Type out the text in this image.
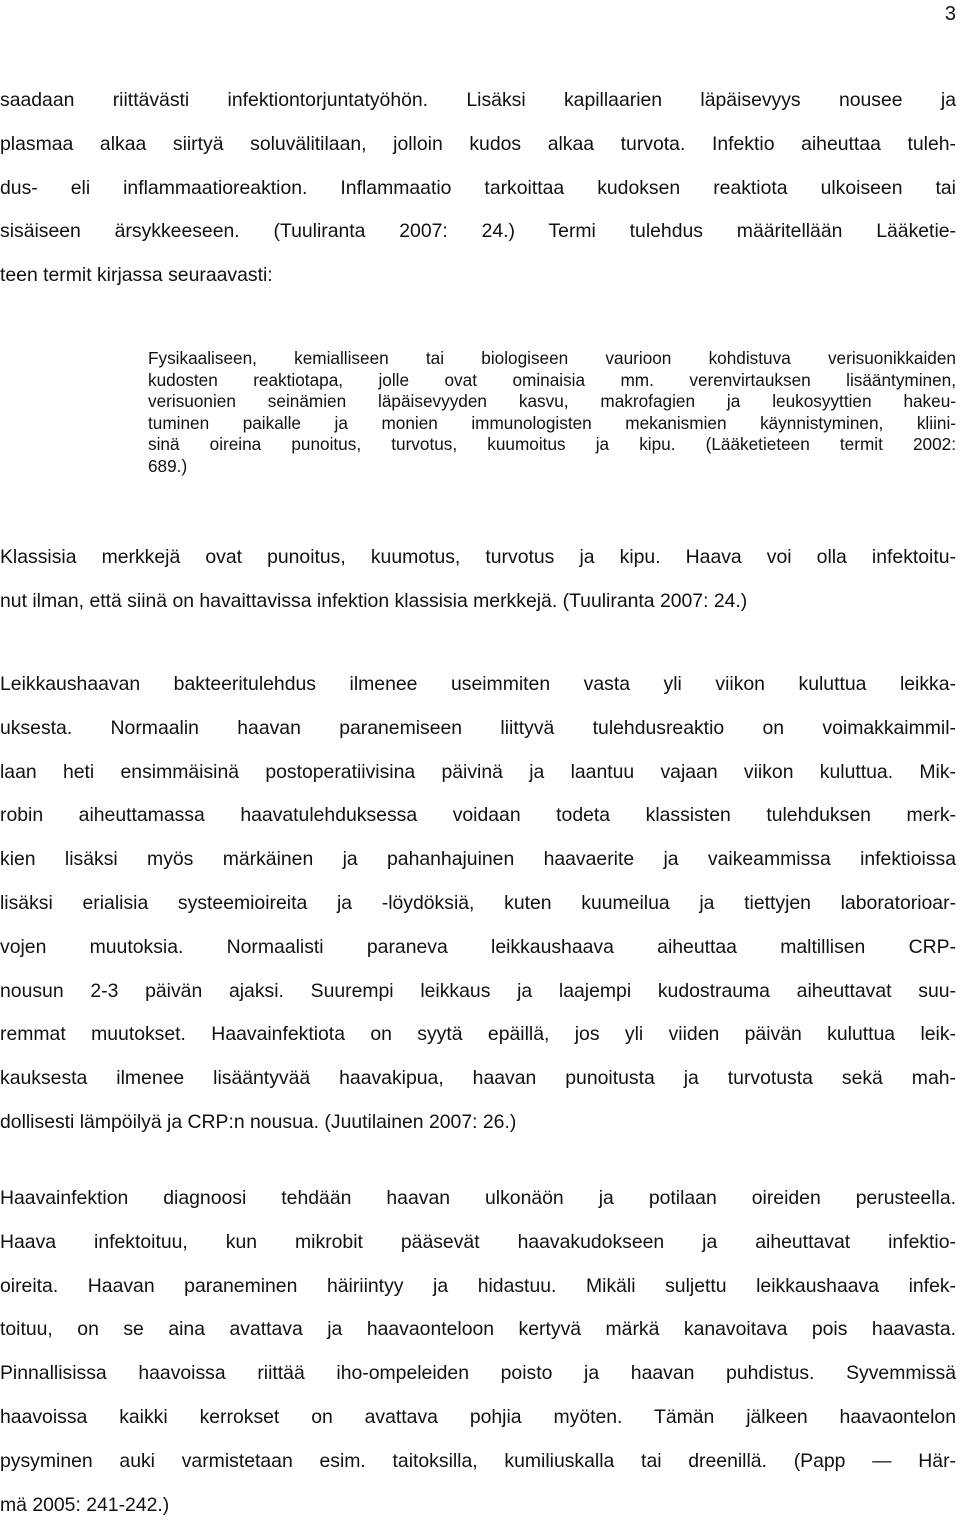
3
saadaan riittävästi infektiontorjuntatyöhön. Lisäksi kapillaarien läpäisevyys nousee ja
plasmaa alkaa siirtyä soluvälitilaan, jolloin kudos alkaa turvota. Infektio aiheuttaa tuleh-
dus- eli inflammaatioreaktion. Inflammaatio tarkoittaa kudoksen reaktiota ulkoiseen tai
sisäiseen ärsykkeeseen. (Tuuliranta 2007: 24.) Termi tulehdus määritellään Lääketie-
teen termit kirjassa seuraavasti:
Fysikaaliseen, kemialliseen tai biologiseen vaurioon kohdistuva verisuonikkaiden
kudosten reaktiotapa, jolle ovat ominaisia mm. verenvirtauksen lisääntyminen,
verisuonien seinämien läpäisevyyden kasvu, makrofagien ja leukosyyttien hakeu-
tuminen paikalle ja monien immunologisten mekanismien käynnistyminen, kliini-
sinä oireina punoitus, turvotus, kuumoitus ja kipu. (Lääketieteen termit 2002:
689.)
Klassisia merkkejä ovat punoitus, kuumotus, turvotus ja kipu. Haava voi olla infektoitu-
nut ilman, että siinä on havaittavissa infektion klassisia merkkejä. (Tuuliranta 2007: 24.)
Leikkaushaavan bakteeritulehdus ilmenee useimmiten vasta yli viikon kuluttua leikka-
uksesta. Normaalin haavan paranemiseen liittyvä tulehdusreaktio on voimakkaimmil-
laan heti ensimmäisinä postoperatiivisina päivinä ja laantuu vajaan viikon kuluttua. Mik-
robin aiheuttamassa haavatulehduksessa voidaan todeta klassisten tulehduksen merk-
kien lisäksi myös märkäinen ja pahanhajuinen haavaerite ja vaikeammissa infektioissa
lisäksi erialisia systeemioireita ja -löydöksiä, kuten kuumeilua ja tiettyjen laboratorioar-
vojen muutoksia. Normaalisti paraneva leikkaushaava aiheuttaa maltillisen CRP-
nousun 2-3 päivän ajaksi. Suurempi leikkaus ja laajempi kudostrauma aiheuttavat suu-
remmat muutokset. Haavainfektiota on syytä epäillä, jos yli viiden päivän kuluttua leik-
kauksesta ilmenee lisääntyvää haavakipua, haavan punoitusta ja turvotusta sekä mah-
dollisesti lämpöilyä ja CRP:n nousua. (Juutilainen 2007: 26.)
Haavainfektion diagnoosi tehdään haavan ulkonäön ja potilaan oireiden perusteella.
Haava infektoituu, kun mikrobit pääsevät haavakudokseen ja aiheuttavat infektio-
oireita. Haavan paraneminen häiriintyy ja hidastuu. Mikäli suljettu leikkaushaava infek-
toituu, on se aina avattava ja haavaonteloon kertyvä märkä kanavoitava pois haavasta.
Pinnallisissa haavoissa riittää iho-ompeleiden poisto ja haavan puhdistus. Syvemmissä
haavoissa kaikki kerrokset on avattava pohjia myöten. Tämän jälkeen haavaontelon
pysyminen auki varmistetaan esim. taitoksilla, kumiliuskalla tai dreenillä. (Papp — Här-
mä 2005: 241-242.)
